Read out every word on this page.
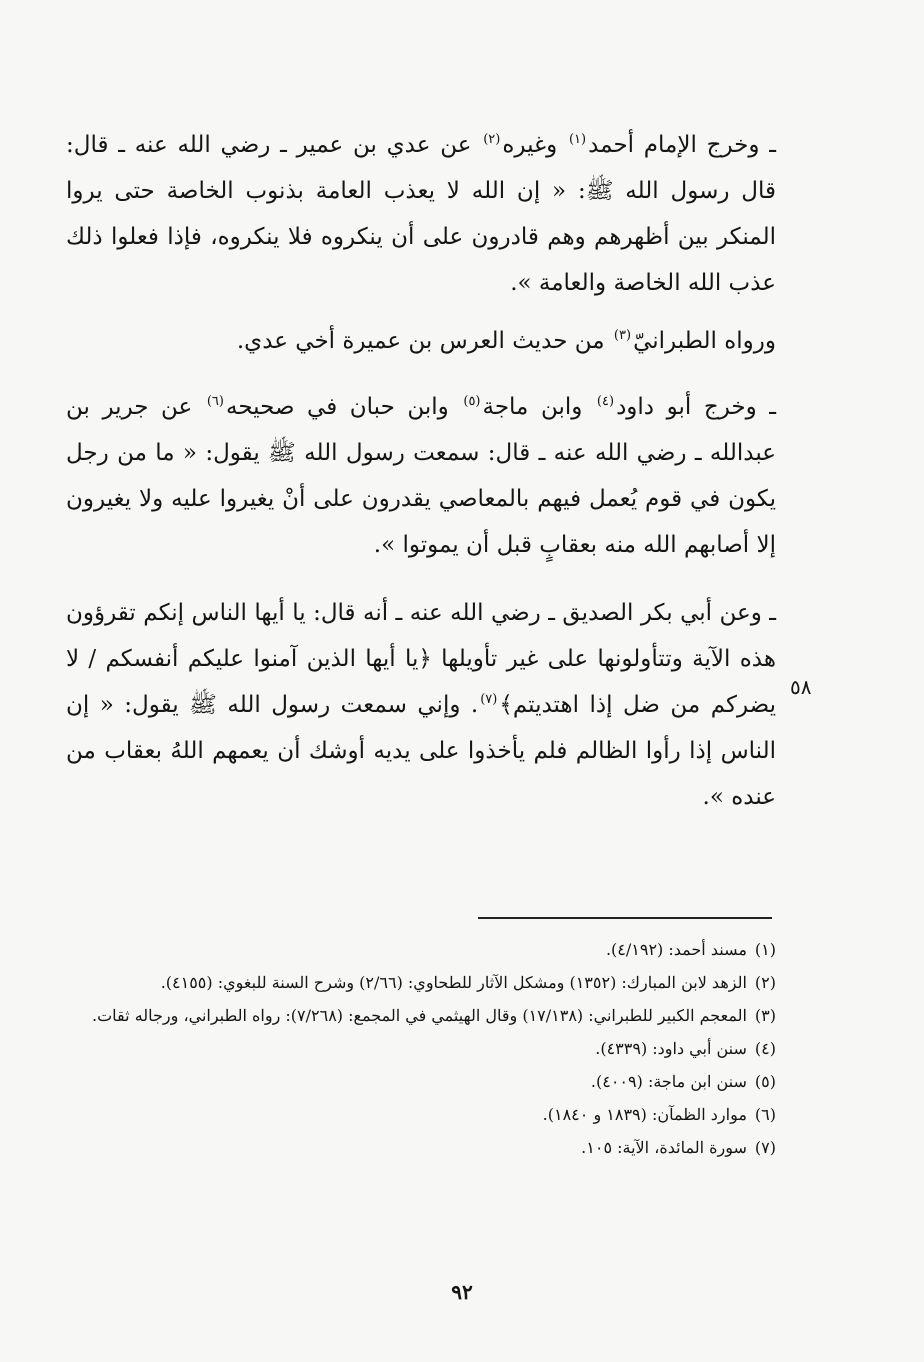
ـ وخرج الإمام أحمد$^{(١)}$ وغيره$^{(٢)}$ عن عدي بن عمير ـ رضي الله عنه ـ قال: قال رسول الله ﷺ: « إن الله لا يعذب العامة بذنوب الخاصة حتى يروا المنكر بين أظهرهم وهم قادرون على أن ينكروه فلا ينكروه، فإذا فعلوا ذلك عذب الله الخاصة والعامة ».

ورواه الطبرانيّ$^{(٣)}$ من حديث العرس بن عميرة أخي عدي.

ـ وخرج أبو داود$^{(٤)}$ وابن ماجة$^{(٥)}$ وابن حبان في صحيحه$^{(٦)}$ عن جرير بن عبدالله ـ رضي الله عنه ـ قال: سمعت رسول الله ﷺ يقول: « ما من رجل يكون في قوم يُعمل فيهم بالمعاصي يقدرون على أنْ يغيروا عليه ولا يغيرون إلا أصابهم الله منه بعقابٍ قبل أن يموتوا ».

ـ وعن أبي بكر الصديق ـ رضي الله عنه ـ أنه قال: يا أيها الناس إنكم تقرؤون هذه الآية وتتأولونها على غير تأويلها ﴿يا أيها الذين آمنوا عليكم أنفسكم / لا يضركم من ضل إذا اهتديتم﴾$^{(٧)}$. وإني سمعت رسول الله ﷺ يقول: « إن الناس إذا رأوا الظالم فلم يأخذوا على يديه أوشك أن يعمهم اللهُ بعقاب من عنده ».

٥٨

(١)مسند أحمد: (٤/١٩٢).

(٢)الزهد لابن المبارك: (١٣٥٢) ومشكل الآثار للطحاوي: (٢/٦٦) وشرح السنة للبغوي: (٤١٥٥).

(٣)المعجم الكبير للطبراني: (١٧/١٣٨) وقال الهيثمي في المجمع: (٧/٢٦٨): رواه الطبراني، ورجاله ثقات.

(٤)سنن أبي داود: (٤٣٣٩).

(٥)سنن ابن ماجة: (٤٠٠٩).

(٦)موارد الظمآن: (١٨٣٩ و ١٨٤٠).

(٧)سورة المائدة، الآية: ١٠٥.

٩٢
